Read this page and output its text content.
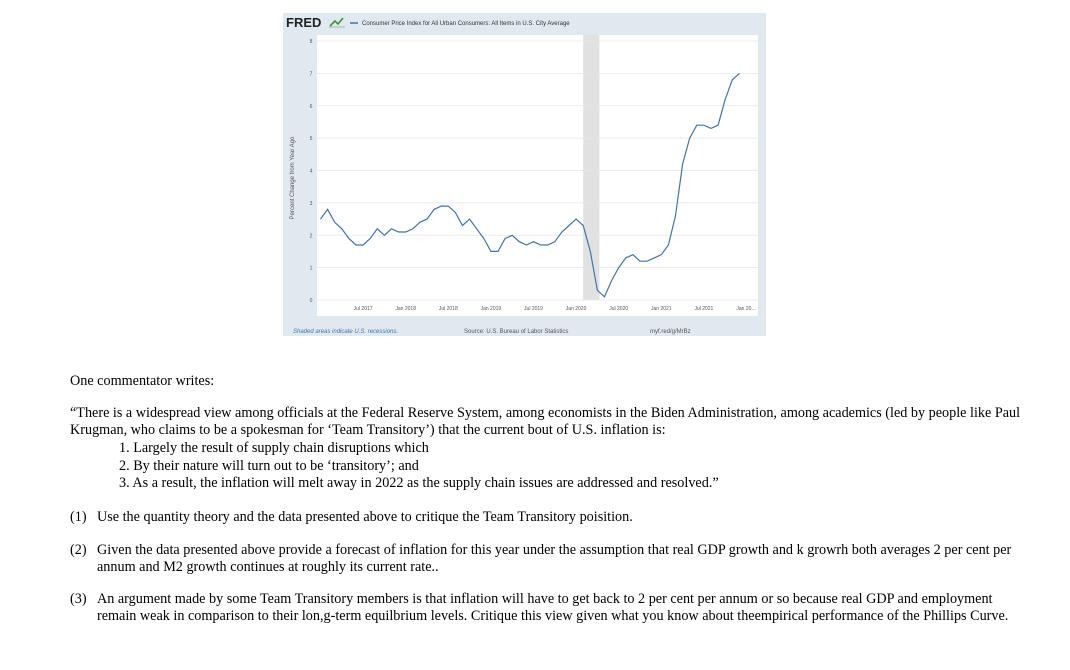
FRED	Consumer Price Index for All Urban Consumers: All Items in U.S. City Average
0
1
2
3
4
5
6
7
8
Jul 2017	Jan 2018	Jul 2018	Jan 2019	Jul 2019	Jan 2020	Jul 2020	Jan 2021	Jul 2021	Jan 20...
Percent Change from Year Ago
Shaded areas indicate U.S. recessions.	Source: U.S. Bureau of Labor Statistics	myf.red/g/MrBz

One commentator writes:

“There is a widespread view among officials at the Federal Reserve System, among economists in the Biden Administration, among academics (led by people like Paul Krugman, who claims to be a spokesman for ‘Team Transitory’) that the current bout of U.S. inflation is:

1. Largely the result of supply chain disruptions which
2. By their nature will turn out to be ‘transitory’; and
3. As a result, the inflation will melt away in 2022 as the supply chain issues are addressed and resolved.”
(1) Use the quantity theory and the data presented above to critique the Team Transitory poisition.
(2) Given the data presented above provide a forecast of inflation for this year under the assumption that real GDP growth and k growrh both averages 2 per cent per annum and M2 growth continues at roughly its current rate..
(3) An argument made by some Team Transitory members is that inflation will have to get back to 2 per cent per annum or so because real GDP and employment remain weak in comparison to their lon,g-term equilbrium levels. Critique this view given what you know about theempirical performance of the Phillips Curve.
